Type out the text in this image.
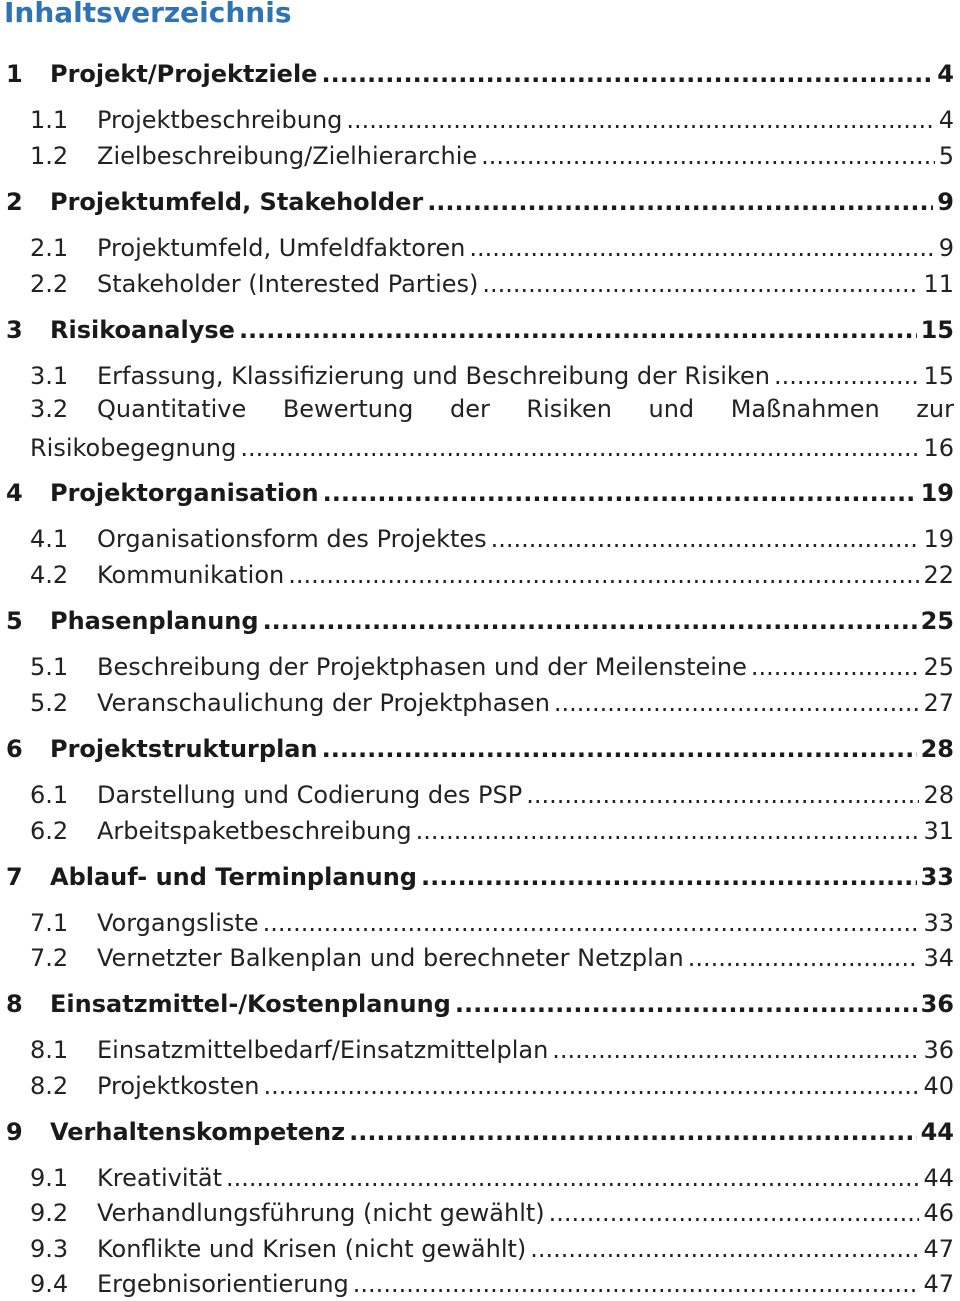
Inhaltsverzeichnis
1	Projekt/Projektziele .....	4
1.1 Projektbeschreibung .....	4
1.2 Zielbeschreibung/Zielhierarchie .....	5
2	Projektumfeld, Stakeholder .....	9
2.1 Projektumfeld, Umfeldfaktoren .....	9
2.2 Stakeholder (Interested Parties) .....	11
3	Risikoanalyse .....	15
3.1 Erfassung, Klassifizierung und Beschreibung der Risiken .....	15
3.2 Quantitative Bewertung der Risiken und Maßnahmen zur
Risikobegegnung .....	16
4	Projektorganisation .....	19
4.1 Organisationsform des Projektes .....	19
4.2 Kommunikation .....	22
5	Phasenplanung .....	25
5.1 Beschreibung der Projektphasen und der Meilensteine .....	25
5.2 Veranschaulichung der Projektphasen .....	27
6	Projektstrukturplan .....	28
6.1 Darstellung und Codierung des PSP .....	28
6.2 Arbeitspaketbeschreibung .....	31
7	Ablauf- und Terminplanung .....	33
7.1 Vorgangsliste .....	33
7.2 Vernetzter Balkenplan und berechneter Netzplan .....	34
8	Einsatzmittel-/Kostenplanung .....	36
8.1 Einsatzmittelbedarf/Einsatzmittelplan .....	36
8.2 Projektkosten .....	40
9	Verhaltenskompetenz .....	44
9.1 Kreativität .....	44
9.2 Verhandlungsführung (nicht gewählt) .....	46
9.3 Konflikte und Krisen (nicht gewählt) .....	47
9.4 Ergebnisorientierung .....	47
